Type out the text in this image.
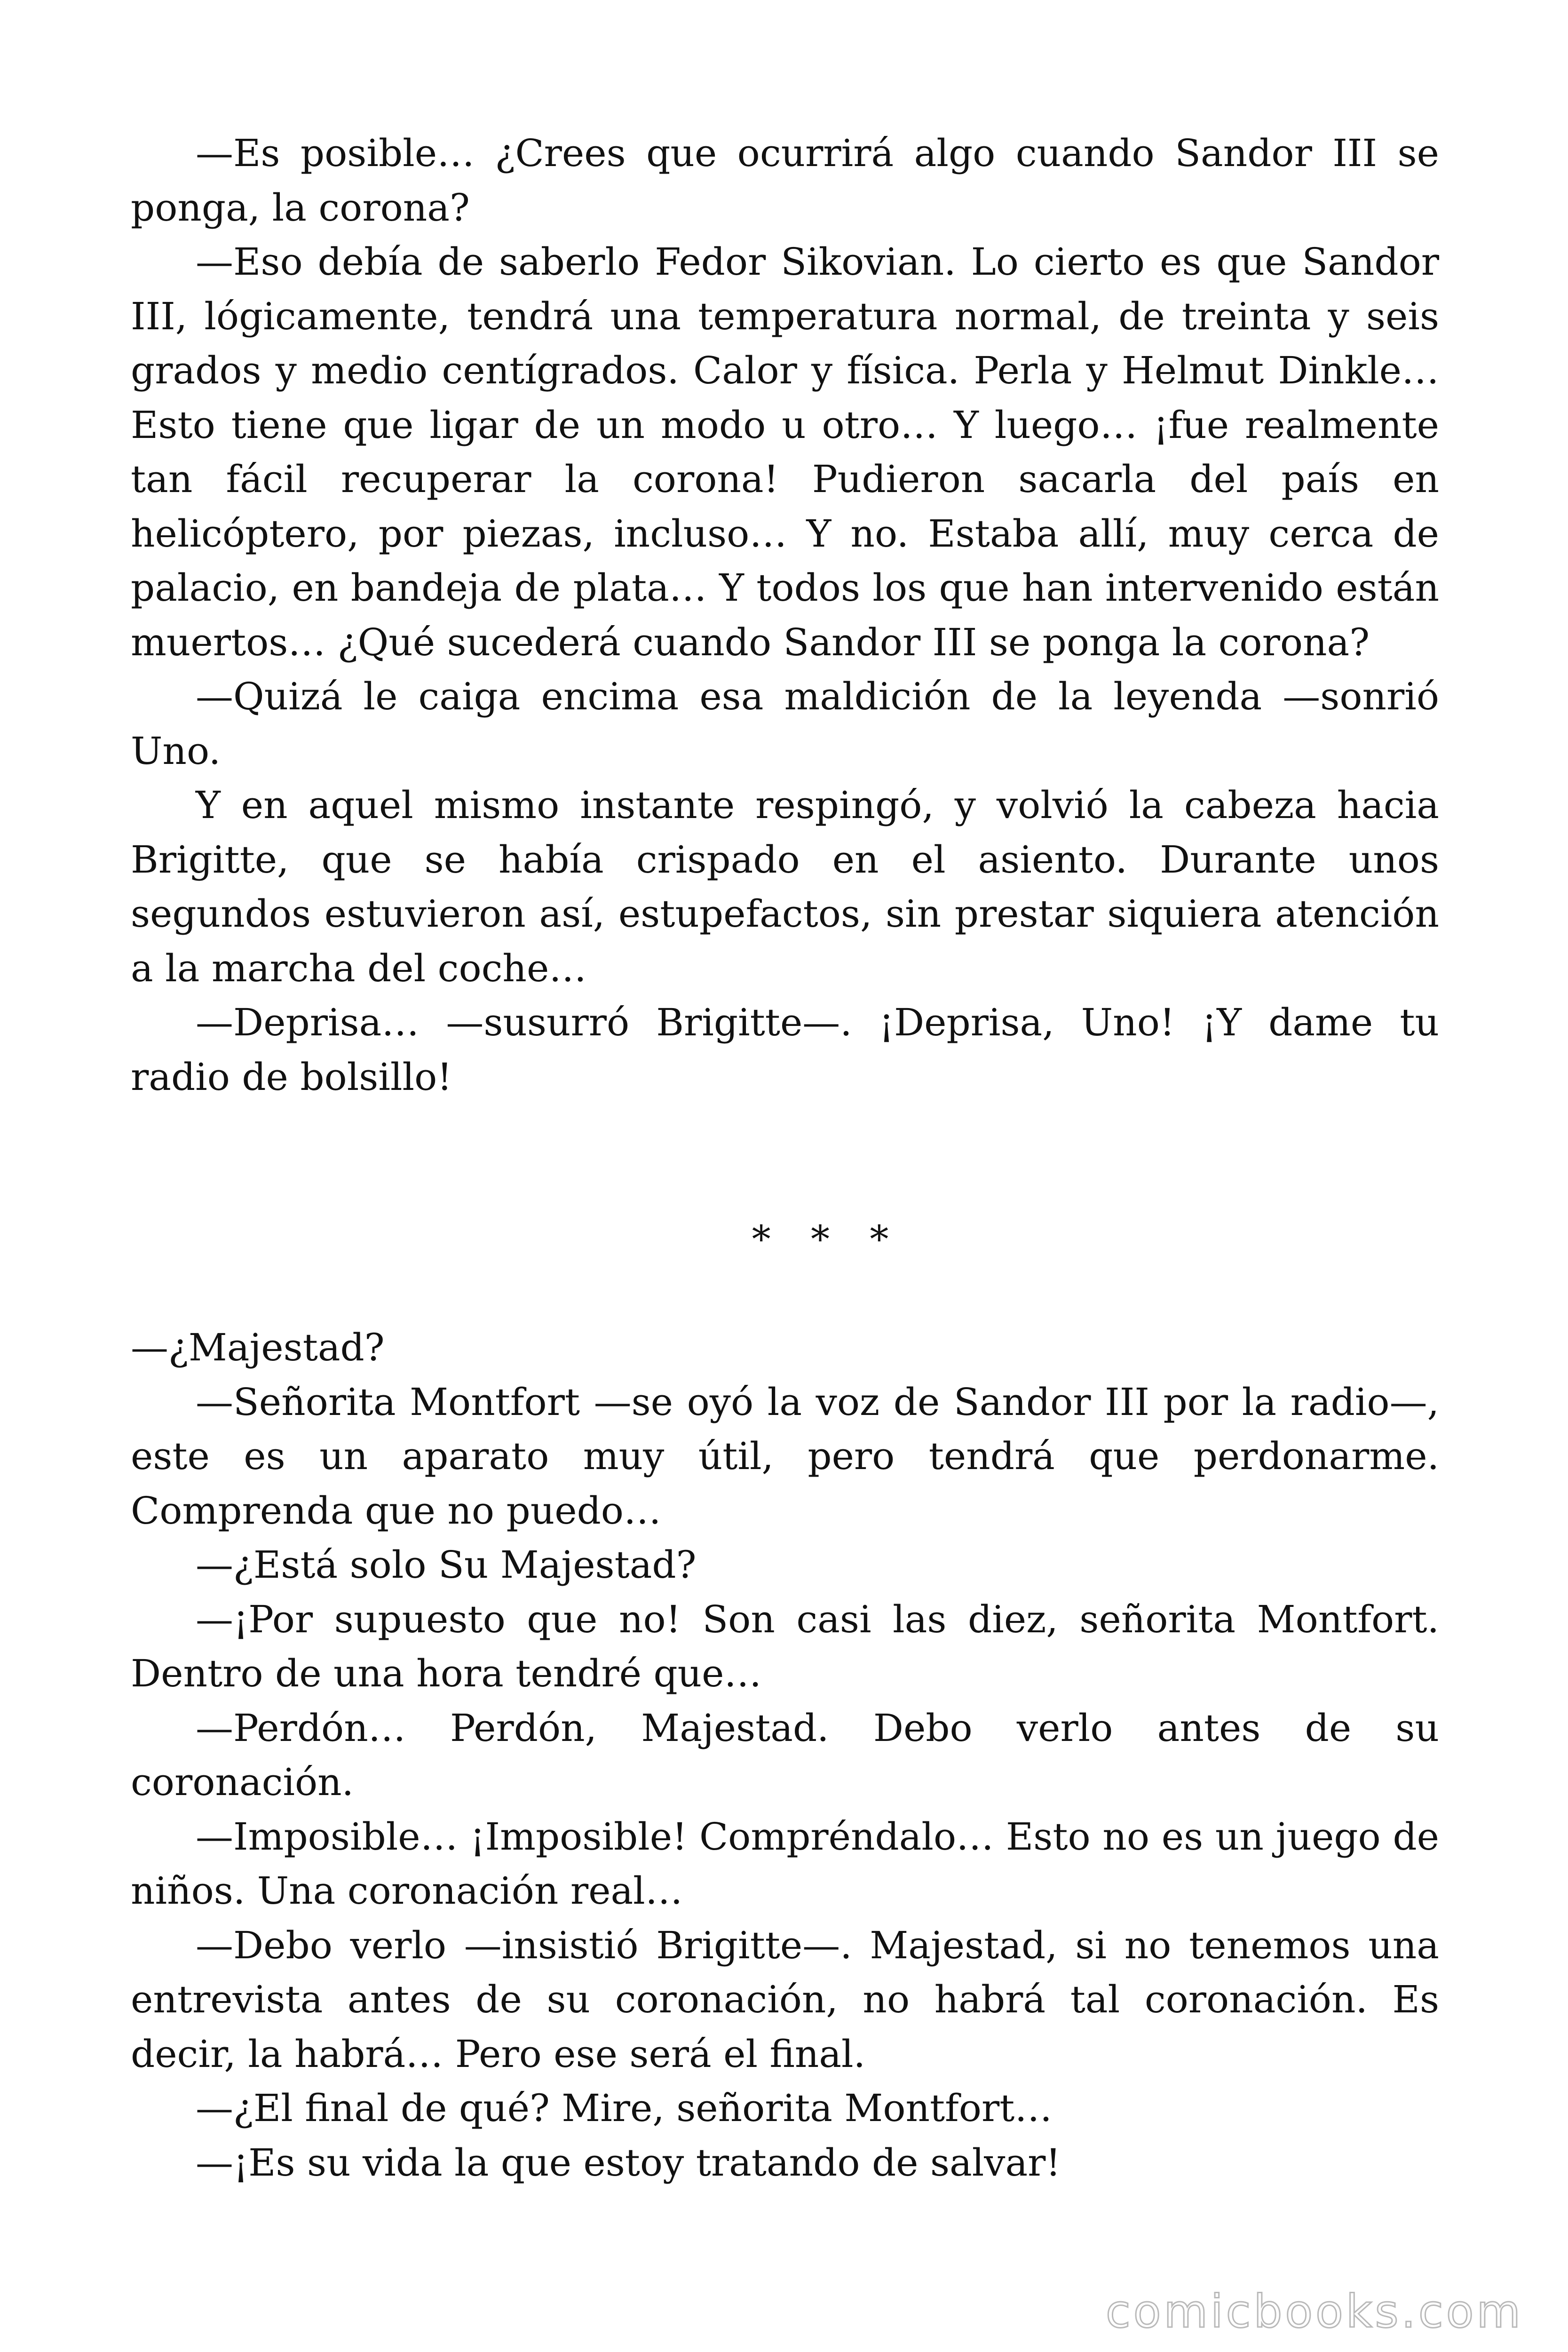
—Es posible… ¿Crees que ocurrirá algo cuando Sandor III se ponga, la corona?

—Eso debía de saberlo Fedor Sikovian. Lo cierto es que Sandor III, lógicamente, tendrá una temperatura normal, de treinta y seis grados y medio centígrados. Calor y física. Perla y Helmut Dinkle… Esto tiene que ligar de un modo u otro… Y luego… ¡fue realmente tan fácil recuperar la corona! Pudieron sacarla del país en helicóptero, por piezas, incluso… Y no. Estaba allí, muy cerca de palacio, en bandeja de plata… Y todos los que han intervenido están muertos… ¿Qué sucederá cuando Sandor III se ponga la corona?

—Quizá le caiga encima esa maldición de la leyenda —sonrió Uno.

Y en aquel mismo instante respingó, y volvió la cabeza hacia Brigitte, que se había crispado en el asiento. Durante unos segundos estuvieron así, estupefactos, sin prestar siquiera atención a la marcha del coche…

—Deprisa… —susurró Brigitte—. ¡Deprisa, Uno! ¡Y dame tu radio de bolsillo!

* * *

—¿Majestad?

—Señorita Montfort —se oyó la voz de Sandor III por la radio—, este es un aparato muy útil, pero tendrá que perdonarme. Comprenda que no puedo…

—¿Está solo Su Majestad?

—¡Por supuesto que no! Son casi las diez, señorita Montfort. Dentro de una hora tendré que…

—Perdón… Perdón, Majestad. Debo verlo antes de su coronación.

—Imposible… ¡Imposible! Compréndalo… Esto no es un juego de niños. Una coronación real…

—Debo verlo —insistió Brigitte—. Majestad, si no tenemos una entrevista antes de su coronación, no habrá tal coronación. Es decir, la habrá… Pero ese será el final.

—¿El final de qué? Mire, señorita Montfort…

—¡Es su vida la que estoy tratando de salvar!

comicbooks.com
